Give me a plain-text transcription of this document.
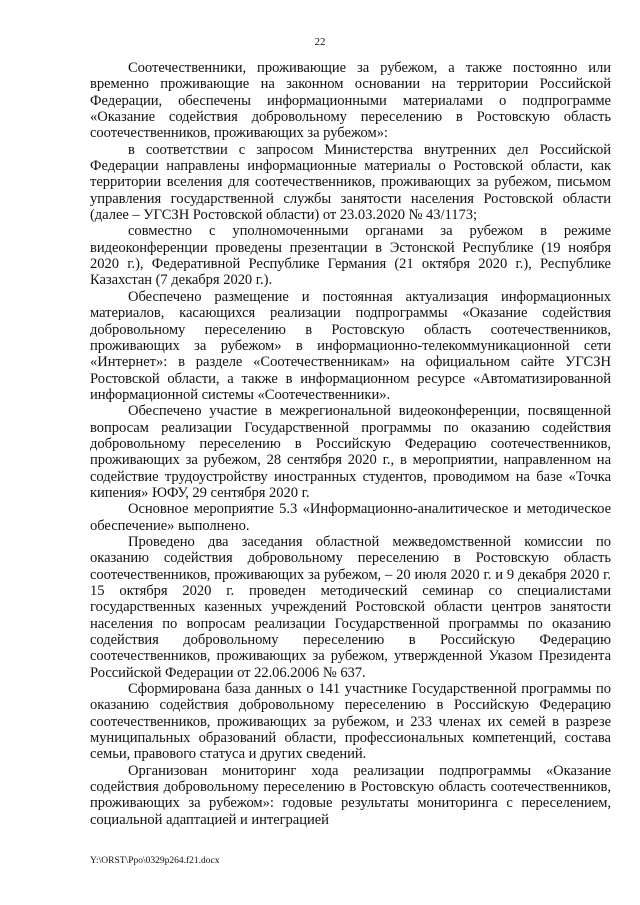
22

Соотечественники, проживающие за рубежом, а также постоянно или временно проживающие на законном основании на территории Российской Федерации, обеспечены информационными материалами о подпрограмме «Оказание содействия добровольному переселению в Ростовскую область соотечественников, проживающих за рубежом»:

в соответствии с запросом Министерства внутренних дел Российской Федерации направлены информационные материалы о Ростовской области, как территории вселения для соотечественников, проживающих за рубежом, письмом управления государственной службы занятости населения Ростовской области (далее – УГСЗН Ростовской области) от 23.03.2020 № 43/1173;

совместно с уполномоченными органами за рубежом в режиме видеоконференции проведены презентации в Эстонской Республике (19 ноября 2020 г.), Федеративной Республике Германия (21 октября 2020 г.), Республике Казахстан (7 декабря 2020 г.).

Обеспечено размещение и постоянная актуализация информационных материалов, касающихся реализации подпрограммы «Оказание содействия добровольному переселению в Ростовскую область соотечественников, проживающих за рубежом» в информационно-телекоммуникационной сети «Интернет»: в разделе «Соотечественникам» на официальном сайте УГСЗН Ростовской области, а также в информационном ресурсе «Автоматизированной информационной системы «Соотечественники».

Обеспечено участие в межрегиональной видеоконференции, посвященной вопросам реализации Государственной программы по оказанию содействия добровольному переселению в Российскую Федерацию соотечественников, проживающих за рубежом, 28 сентября 2020 г., в мероприятии, направленном на содействие трудоустройству иностранных студентов, проводимом на базе «Точка кипения» ЮФУ, 29 сентября 2020 г.

Основное мероприятие 5.3 «Информационно-аналитическое и методическое обеспечение» выполнено.

Проведено два заседания областной межведомственной комиссии по оказанию содействия добровольному переселению в Ростовскую область соотечественников, проживающих за рубежом, – 20 июля 2020 г. и 9 декабря 2020 г. 15 октября 2020 г. проведен методический семинар со специалистами государственных казенных учреждений Ростовской области центров занятости населения по вопросам реализации Государственной программы по оказанию содействия добровольному переселению в Российскую Федерацию соотечественников, проживающих за рубежом, утвержденной Указом Президента Российской Федерации от 22.06.2006 № 637.

Сформирована база данных о 141 участнике Государственной программы по оказанию содействия добровольному переселению в Российскую Федерацию соотечественников, проживающих за рубежом, и 233 членах их семей в разрезе муниципальных образований области, профессиональных компетенций, состава семьи, правового статуса и других сведений.

Организован мониторинг хода реализации подпрограммы «Оказание содействия добровольному переселению в Ростовскую область соотечественников, проживающих за рубежом»: годовые результаты мониторинга с переселением, социальной адаптацией и интеграцией

Y:\ORST\Ppo\0329p264.f21.docx
